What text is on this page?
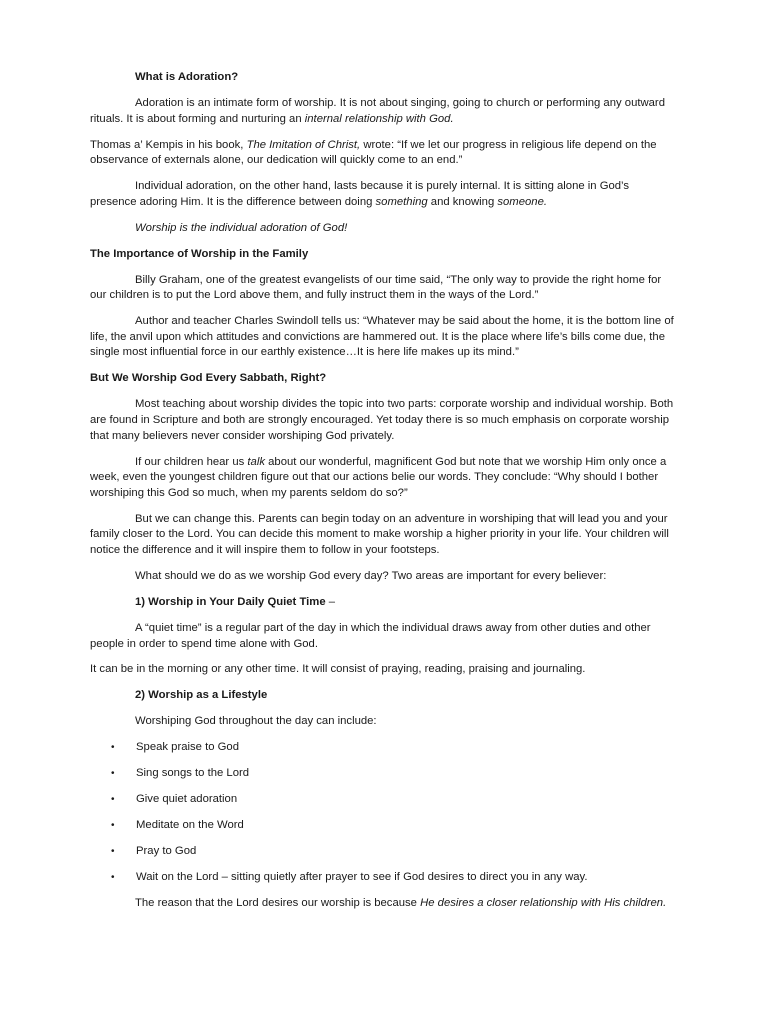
What is Adoration?

Adoration is an intimate form of worship. It is not about singing, going to church or performing any outward rituals. It is about forming and nurturing an internal relationship with God.

Thomas a’ Kempis in his book, The Imitation of Christ, wrote: “If we let our progress in religious life depend on the observance of externals alone, our dedication will quickly come to an end.”

Individual adoration, on the other hand, lasts because it is purely internal. It is sitting alone in God’s presence adoring Him. It is the difference between doing something and knowing someone.

Worship is the individual adoration of God!

The Importance of Worship in the Family

Billy Graham, one of the greatest evangelists of our time said, “The only way to provide the right home for our children is to put the Lord above them, and fully instruct them in the ways of the Lord.”

Author and teacher Charles Swindoll tells us: “Whatever may be said about the home, it is the bottom line of life, the anvil upon which attitudes and convictions are hammered out. It is the place where life’s bills come due, the single most influential force in our earthly existence…It is here life makes up its mind.”

But We Worship God Every Sabbath, Right?

Most teaching about worship divides the topic into two parts: corporate worship and individual worship. Both are found in Scripture and both are strongly encouraged. Yet today there is so much emphasis on corporate worship that many believers never consider worshiping God privately.

If our children hear us talk about our wonderful, magnificent God but note that we worship Him only once a week, even the youngest children figure out that our actions belie our words. They conclude: “Why should I bother worshiping this God so much, when my parents seldom do so?”

But we can change this. Parents can begin today on an adventure in worshiping that will lead you and your family closer to the Lord. You can decide this moment to make worship a higher priority in your life. Your children will notice the difference and it will inspire them to follow in your footsteps.

What should we do as we worship God every day? Two areas are important for every believer:

1) Worship in Your Daily Quiet Time –

A “quiet time” is a regular part of the day in which the individual draws away from other duties and other people in order to spend time alone with God.

It can be in the morning or any other time. It will consist of praying, reading, praising and journaling.

2) Worship as a Lifestyle

Worshiping God throughout the day can include:

• Speak praise to God
• Sing songs to the Lord
• Give quiet adoration
• Meditate on the Word
• Pray to God
• Wait on the Lord – sitting quietly after prayer to see if God desires to direct you in any way.

The reason that the Lord desires our worship is because He desires a closer relationship with His children.
